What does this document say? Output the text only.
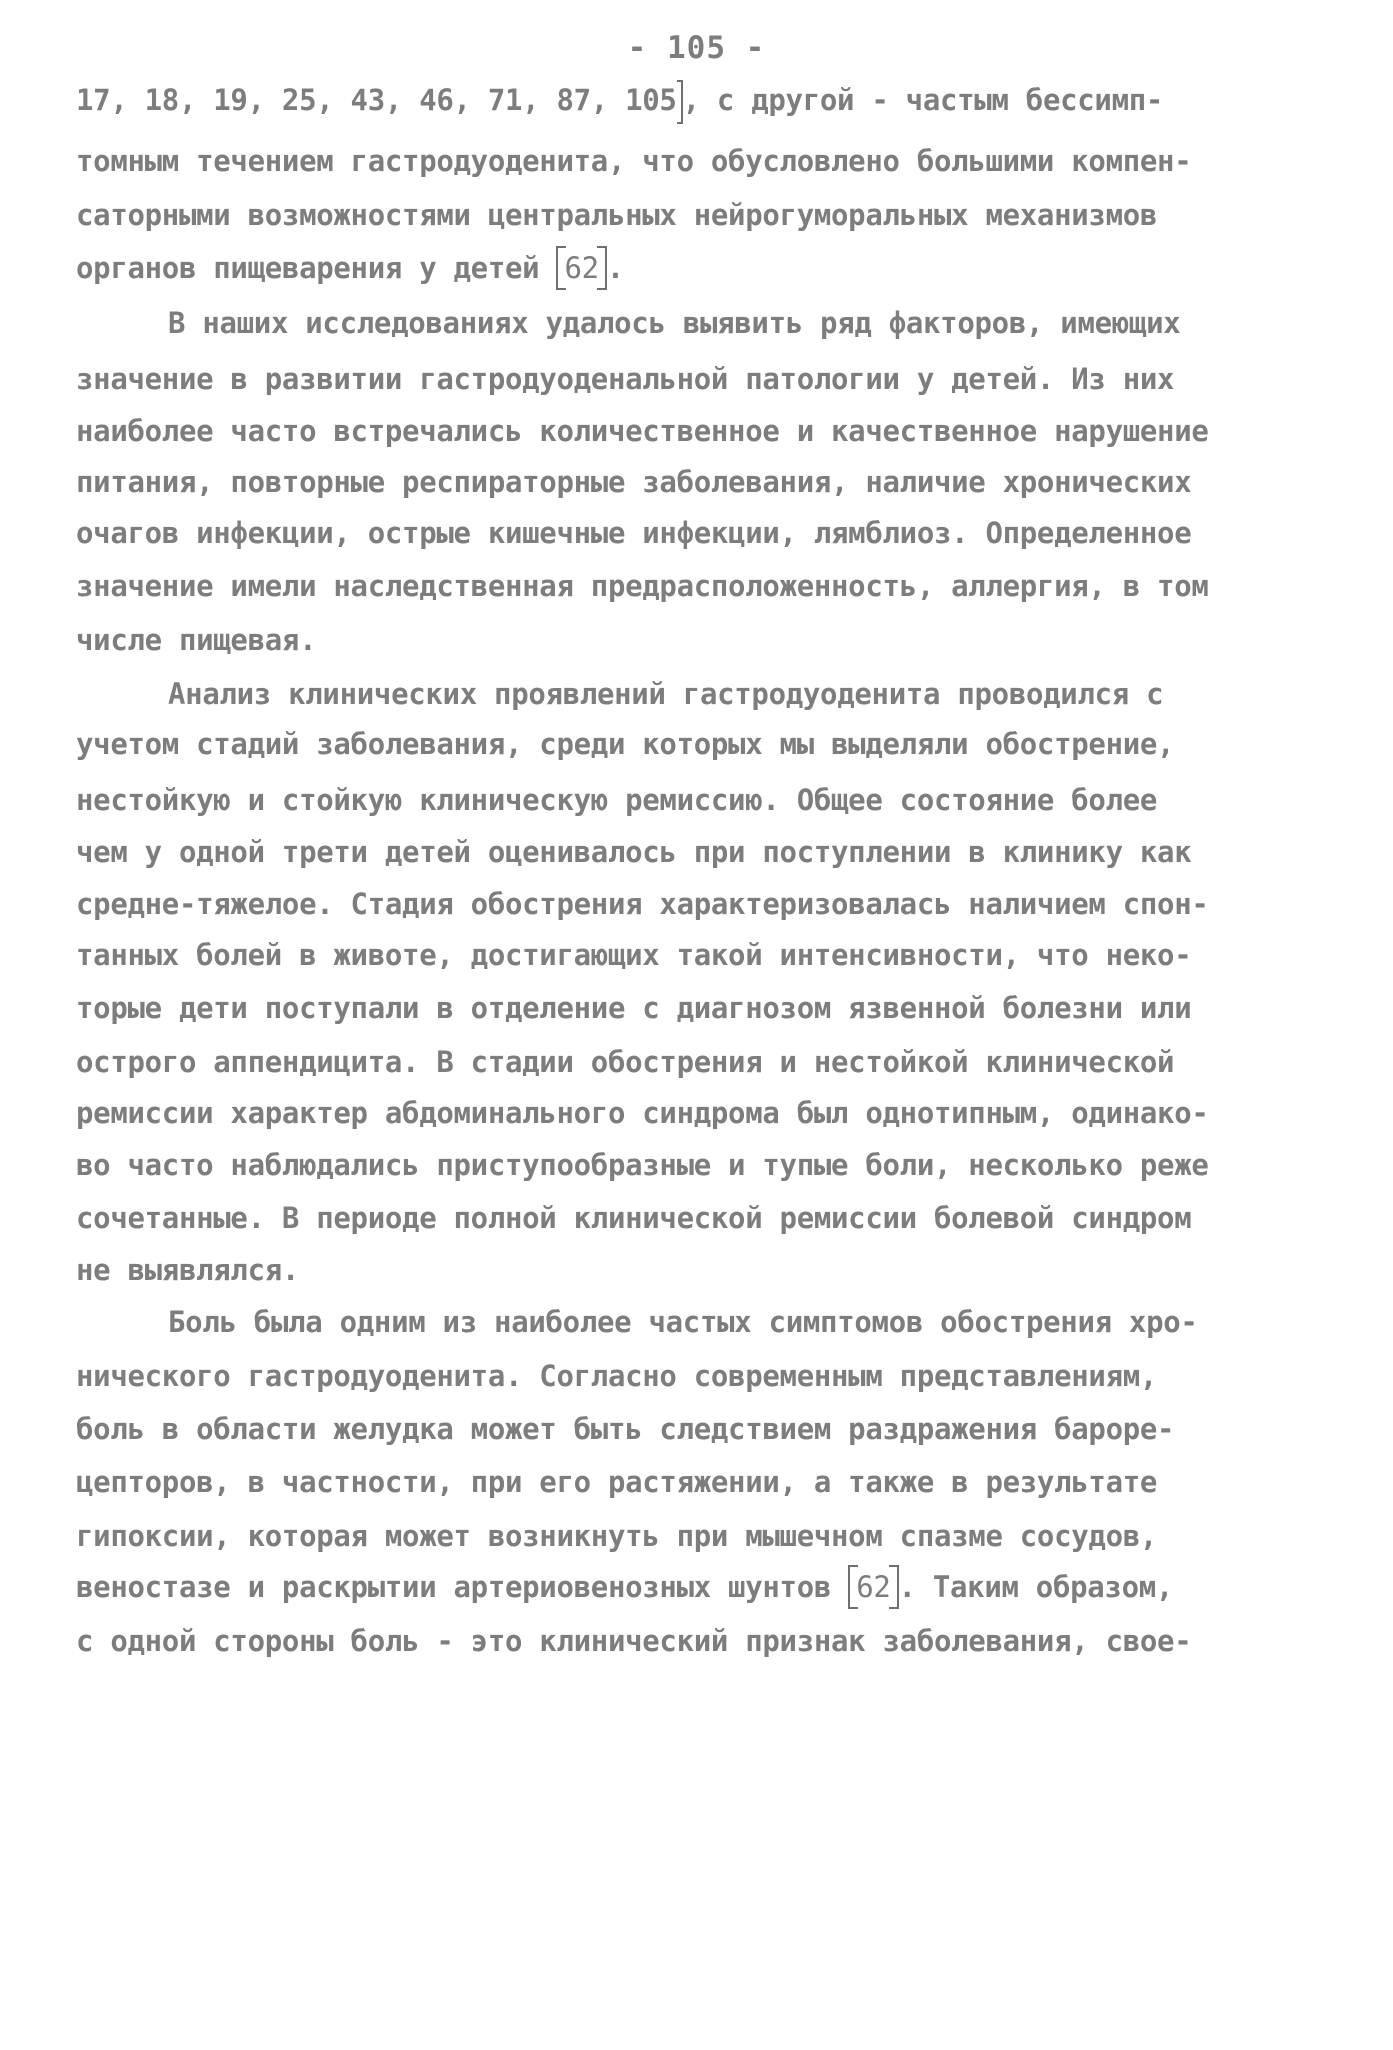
- 105 -
17, 18, 19, 25, 43, 46, 71, 87, 105 , с другой - частым бессимп-
томным течением гастродуоденита, что обусловлено большими компен-
саторными возможностями центральных нейрогуморальных механизмов
органов пищеварения у детей 62 .
В наших исследованиях удалось выявить ряд факторов, имеющих
значение в развитии гастродуоденальной патологии у детей. Из них
наиболее часто встречались количественное и качественное нарушение
питания, повторные респираторные заболевания, наличие хронических
очагов инфекции, острые кишечные инфекции, лямблиоз. Определенное
значение имели наследственная предрасположенность, аллергия, в том
числе пищевая.
Анализ клинических проявлений гастродуоденита проводился с
учетом стадий заболевания, среди которых мы выделяли обострение,
нестойкую и стойкую клиническую ремиссию. Общее состояние более
чем у одной трети детей оценивалось при поступлении в клинику как
средне-тяжелое. Стадия обострения характеризовалась наличием спон-
танных болей в животе, достигающих такой интенсивности, что неко-
торые дети поступали в отделение с диагнозом язвенной болезни или
острого аппендицита. В стадии обострения и нестойкой клинической
ремиссии характер абдоминального синдрома был однотипным, одинако-
во часто наблюдались приступообразные и тупые боли, несколько реже
сочетанные. В периоде полной клинической ремиссии болевой синдром
не выявлялся.
Боль была одним из наиболее частых симптомов обострения хро-
нического гастродуоденита. Согласно современным представлениям,
боль в области желудка может быть следствием раздражения бароре-
цепторов, в частности, при его растяжении, а также в результате
гипоксии, которая может возникнуть при мышечном спазме сосудов,
веностазе и раскрытии артериовенозных шунтов 62 . Таким образом,
с одной стороны боль - это клинический признак заболевания, свое-
